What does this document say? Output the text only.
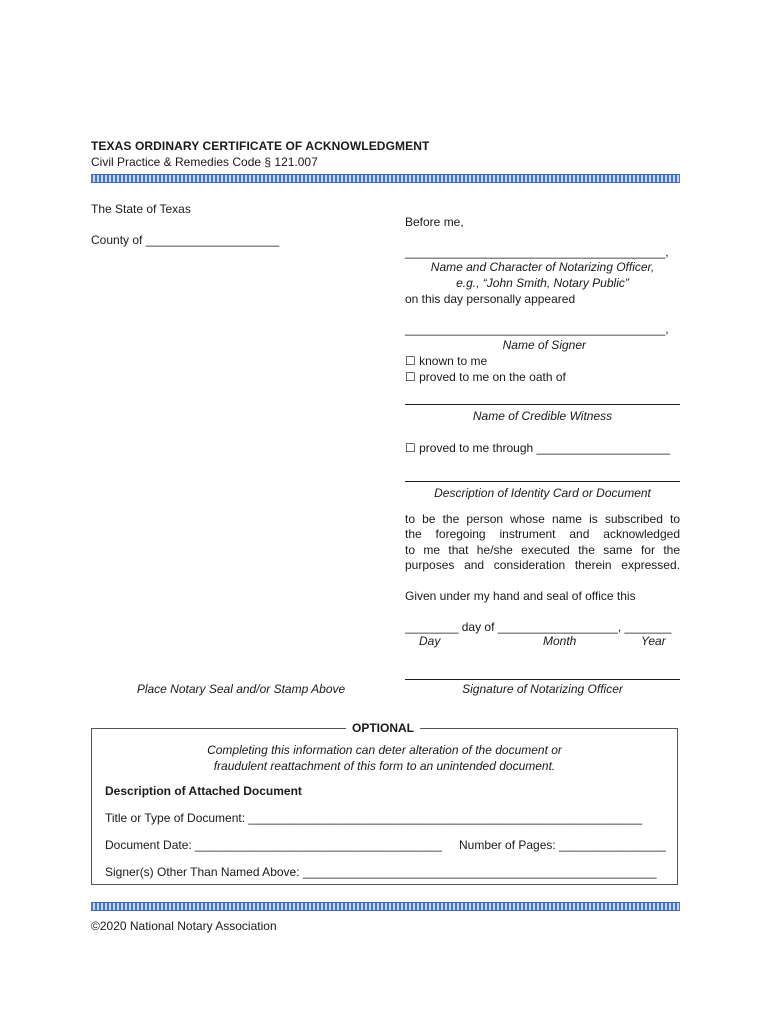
TEXAS ORDINARY CERTIFICATE OF ACKNOWLEDGMENT
Civil Practice & Remedies Code § 121.007
The State of Texas
County of ____________________
Place Notary Seal and/or Stamp Above
Before me,
_______________________________________,
Name and Character of Notarizing Officer,
e.g., “John Smith, Notary Public”
on this day personally appeared
_______________________________________,
Name of Signer
☐ known to me
☐ proved to me on the oath of
Name of Credible Witness
☐ proved to me through ____________________
Description of Identity Card or Document
to be the person whose name is subscribed to
the foregoing instrument and acknowledged
to me that he/she executed the same for the
purposes and consideration therein expressed.
Given under my hand and seal of office this
________ day of __________________, _______
Day	Month	Year
Signature of Notarizing Officer
OPTIONAL
Completing this information can deter alteration of the document or
fraudulent reattachment of this form to an unintended document.
Description of Attached Document
Title or Type of Document: ___________________________________________________________
Document Date: _____________________________________ Number of Pages: ________________
Signer(s) Other Than Named Above: _____________________________________________________
©2020 National Notary Association
